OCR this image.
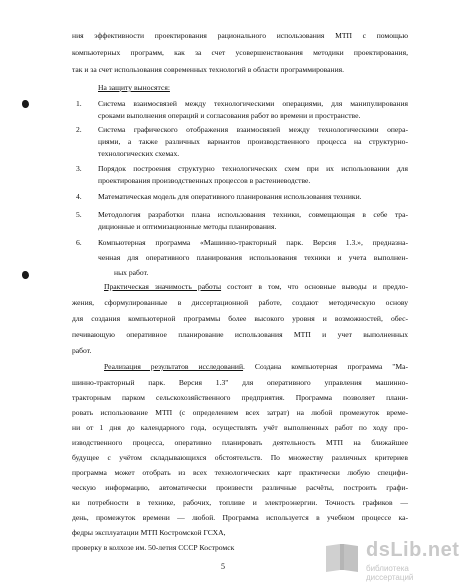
ния эффективности проектирования рационального использования МТП с помощью
компьютерных программ, как за счет усовершенствования методики проектирования,
так и за счет использования современных технологий в области программирования.
На защиту выносятся:
1. Система взаимосвязей между технологическими операциями, для манипулирования
сроками выполнения операций и согласования работ во времени и пространстве.
2. Система графического отображения взаимосвязей между технологическими опера-
циями, а также различных вариантов производственного процесса на структурно-
технологических схемах.
3. Порядок построения структурно технологических схем при их использовании для
проектирования производственных процессов в растениеводстве.
4. Математическая модель для оперативного планирования использования техники.
5. Методология разработки плана использования техники, совмещающая в себе тра-
диционные и оптимизационные методы планирования.
6. Компьютерная программа «Машинно-тракторный парк. Версия 1.3.», предназна-
ченная для оперативного планирования использования техники и учета выполнен-
ных работ.
Практическая значимость работы состоит в том, что основные выводы и предло-
жения, сформулированные в диссертационной работе, создают методическую основу
для создания компьютерной программы более высокого уровня и возможностей, обес-
печивающую оперативное планирование использования МТП и учет выполненных
работ.
Реализация результатов исследований. Создана компьютерная программа "Ма-
шинно-тракторный парк. Версия 1.3" для оперативного управления машинно-
тракторным парком сельскохозяйственного предприятия. Программа позволяет плани-
ровать использование МТП (с определением всех затрат) на любой промежуток време-
ни от 1 дня до календарного года, осуществлять учёт выполненных работ по ходу про-
изводственного процесса, оперативно планировать деятельность МТП на ближайшее
будущее с учётом складывающихся обстоятельств. По множеству различных критериев
программа может отобрать из всех технологических карт практически любую специфи-
ческую информацию, автоматически произвести различные расчёты, построить графи-
ки потребности в технике, рабочих, топливе и электроэнергии. Точность графиков —
день, промежуток времени — любой. Программа используется в учебном процессе ка-
федры эксплуатации МТП Костромской ГСХА,
проверку в колхозе им. 50-летия СССР Костромск
5
dsLib.net
библиотека диссертаций
